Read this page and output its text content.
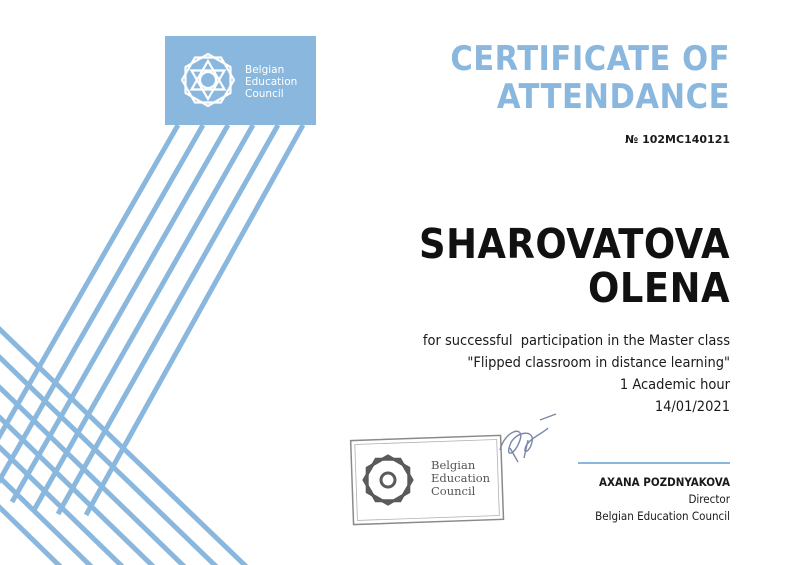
Belgian
Education
Council
CERTIFICATE OF
ATTENDANCE
№ 102MC140121
SHAROVATOVA
OLENA
for successful  participation in the Master class
"Flipped classroom in distance learning"
1 Academic hour
14/01/2021
Belgian
Education
Council
AXANA POZDNYAKOVA
Director
Belgian Education Council
